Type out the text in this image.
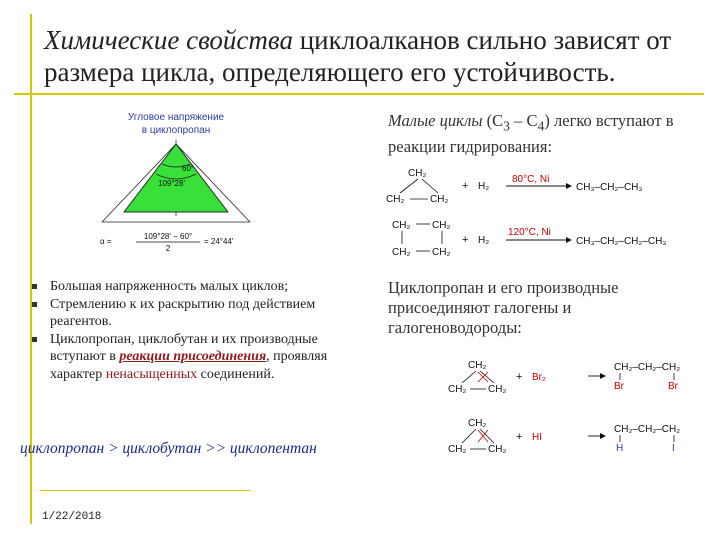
Химические свойства циклоалканов сильно зависят от размера цикла, определяющего его устойчивость.
Угловое напряжение
в циклопропан
60°
109°28'
α =
109°28' − 60°
2
= 24°44'
Малые циклы $(С_3 - С_4)$ легко вступают в реакции гидрирования:
CH₂
CH₂	CH₂
+ H₂
80°C, Ni
CH₃–CH₂–CH₃
CH₂ CH₂
CH₂ CH₂
+ H₂
120°C, Ni
CH₃–CH₂–CH₂–CH₃
Большая напряженность малых циклов;
Стремлению к их раскрытию под действием реагентов.
Циклопропан, циклобутан и их производные вступают в реакции присоединения, проявляя характер ненасыщенных соединений.
Циклопропан и его производные присоединяют галогены и галогеноводороды:
CH₂
CH₂ CH₂
+ Br₂
CH₂–CH₂–CH₂
Br	Br
CH₂
CH₂ CH₂
+ HI
CH₂–CH₂–CH₂
H	I
циклопропан > циклобутан >> циклопентан
1/22/2018
